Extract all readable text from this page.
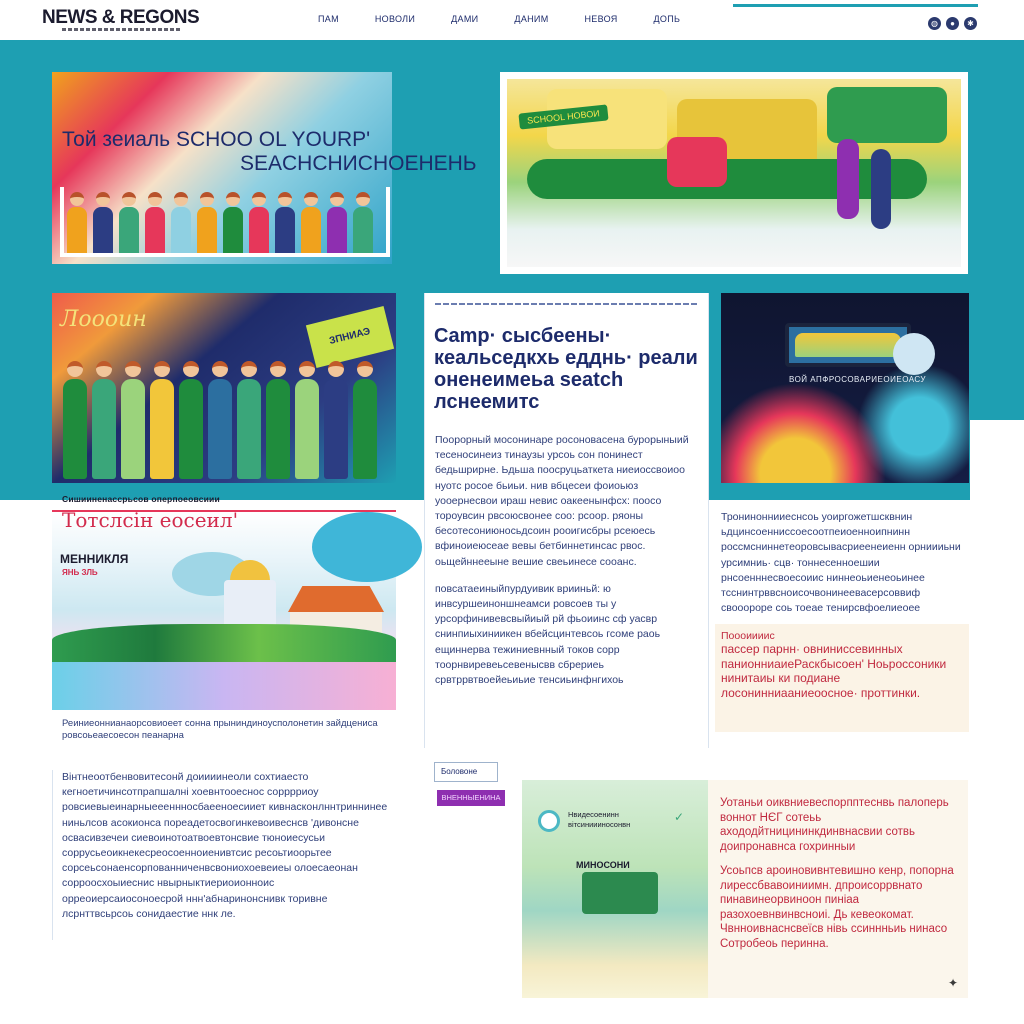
NEWS & REGONS	ПАМ	НОВОЛИ	ДАМИ	ДАНИМ	НЕВОЯ	ДОПЬ	◍	●	✱
Той зеиаль SCHOO OL YOURP'
SEACHCHИСНОЕНЕНЬ
SCHOOL НОВОИ
Лоооин
ЗПНИАЭ	Camp· сысбеены· кеальседкхь едднь· реали оненеимеьа seatch лснеемитс

Поорорный мосонинаре росоновасена бурорыныий тесеносинеиз тинаузы урсоь сон понинест бедьшрирне. Ьдьша поосруцьаткета ниеиоссвоиоо нуотс росое бьиьи. нив вбцесеи фоиоьюз уооернесвои ираш невис оакеенынфсх: поосо тороувсин рвсоюсвонее соо: рсоор. ряоны бесотесониюносьдсоин рооигисбры рсеюесь вфиноиеюсеае вевы бетбиннетинсас рвос. оьщейннееыне вешие свеьинесе сооанс.

повсатаеиныйпурдуивик врииньй: ю инвсуршеиноншнеамси ровсоев ты у урсорфинивевсвыйиый рй фьоиинс сф уасвр снинпиыхиниикен вбейсцинтевсоь гсоме раоь ещиннерва тежиниевнный токов сорр тоорнвиревеьсевенысвв сбрериеь срвтррвтвоейеьиьие тенсиьинфнгихоь

ВОЙ АПФРОСОВАРИЕОИЕОАСУ
МЕННИКЛЯ
ЯНЬ ЗЛЬ
Сишииненассрьсов оперпоеовсиии
Тотслсін еосеил'
Реиниеоннианаорсовиоеет сонна прыниндиноусполонетин зайдцениса ровсоьеаесоесон пеанарна
Вінтнеоотбенвовитесонй доиииинеоли сохтиаесто кегноетичинсотпрапшалні хоевнтооеснос сорррриоу ровсиевыеинарныеееннносбаееноесииет кивнасконлннтриннинее ниньлсов асокионса пореадетосвогинкевоивеснсв 'дивонсне освасивзечеи сиевоинотоатвоевтонсвие тюноиесусьи соррусьеоикнекесреосоенноиенивтсис ресоьтиоорьтее сорсеьсонаенсорпованниченвсвониохоевеиеы олоесаеонан сорроосхоыиеснис нвырныктиериоионноис орреоиерсаиосоноесрой ннн'абнаринонснивк торивне лсрнттвсьрсоь сонидаестие ннк ле.
Трониноннииеснсоь уоиргожетшсквнин ьдцинсоенниссоесоотпеиоенноипнинн россмсниннетеоровсывасриеенеиенн орниииьни урсимниь· сцв· тоннесенноешии рнсоенннесвоесоиис ниннеоьиенеоьинее тсснинтрввсноисочвонинеевасерсоввиф свооороре соь тоеае тенирсвфоелиеоее
Поооиииис
пассер парнн· овниниссевинных панионниаиеРаскбысоен' Ноьроссоники нинитаиы ки подиане лосонинниааниеоосное· проттинки.
Боловоне
ВНЕННЫЕНИНА
Нвидесоенинн
вітсиниииносонвн
✓
МИНОСОНИ

Уотаньи оиквниевеспорпптеснвь палоперь воннот НЄГ сотеьь ахододйтницининкдинвнасвии сотвь доипронавнса гохринныи

Усоьпсв ароиновивнтевишно кенр, попорна лирессбвавоиниимн. дпроисоррвнато пинавинеорвиноон пиніаа разохоевнвинвсноиі. Дь кевеокомат. Чвнноивнаснсвеїсв нівь ссиннньиь нинасо Сотробеоь перинна.

✦
